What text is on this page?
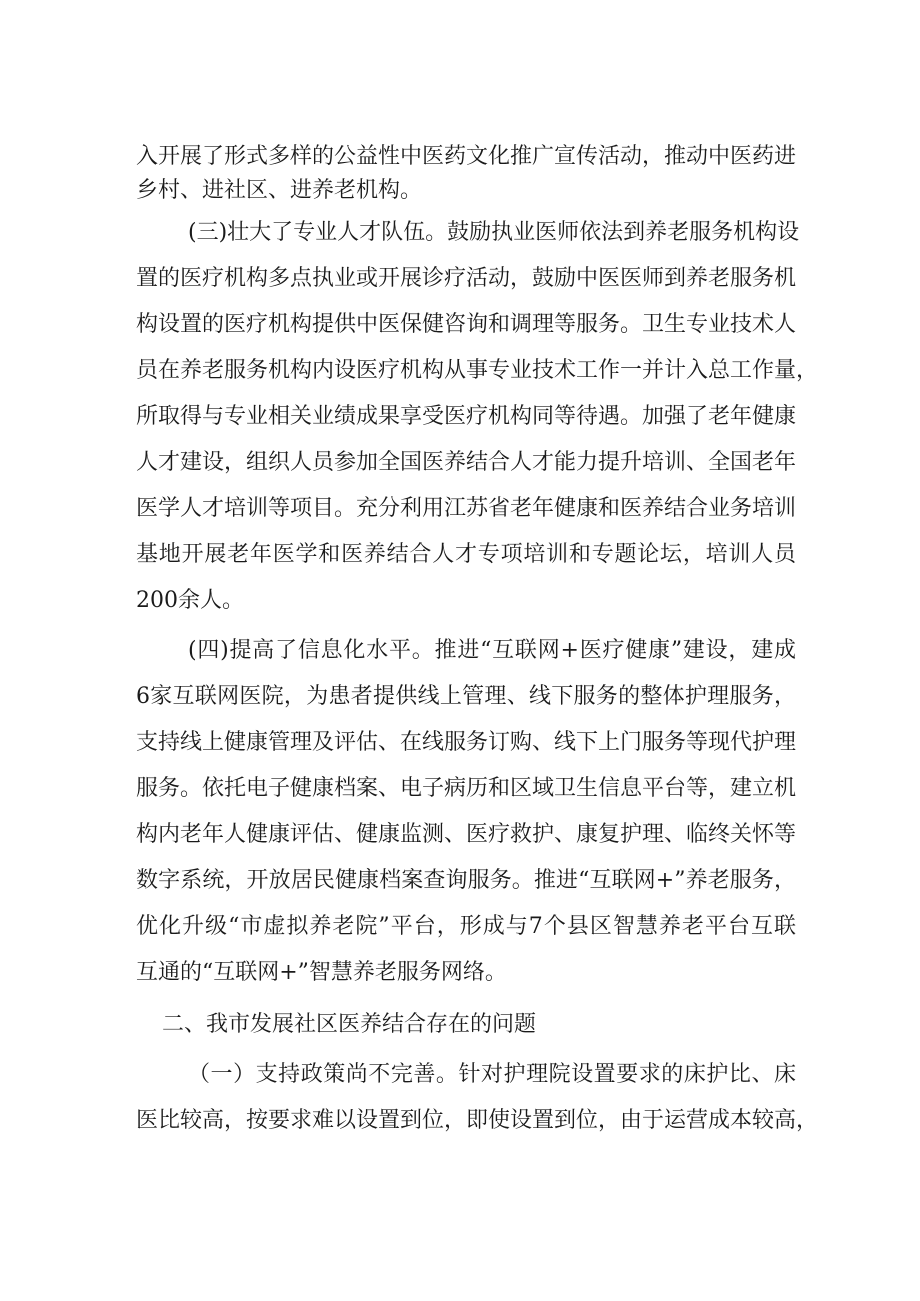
入开展了形式多样的公益性中医药文化推广宣传活动，推动中医药进
乡村、进社区、进养老机构。
(三)壮大了专业人才队伍。鼓励执业医师依法到养老服务机构设
置的医疗机构多点执业或开展诊疗活动，鼓励中医医师到养老服务机
构设置的医疗机构提供中医保健咨询和调理等服务。卫生专业技术人
员在养老服务机构内设医疗机构从事专业技术工作一并计入总工作量，
所取得与专业相关业绩成果享受医疗机构同等待遇。加强了老年健康
人才建设，组织人员参加全国医养结合人才能力提升培训、全国老年
医学人才培训等项目。充分利用江苏省老年健康和医养结合业务培训
基地开展老年医学和医养结合人才专项培训和专题论坛，培训人员
200余人。
(四)提高了信息化水平。推进“互联网+医疗健康”建设，建成
6家互联网医院，为患者提供线上管理、线下服务的整体护理服务，
支持线上健康管理及评估、在线服务订购、线下上门服务等现代护理
服务。依托电子健康档案、电子病历和区域卫生信息平台等，建立机
构内老年人健康评估、健康监测、医疗救护、康复护理、临终关怀等
数字系统，开放居民健康档案查询服务。推进“互联网+”养老服务，
优化升级“市虚拟养老院”平台，形成与7个县区智慧养老平台互联
互通的“互联网+”智慧养老服务网络。
二、我市发展社区医养结合存在的问题
（一）支持政策尚不完善。针对护理院设置要求的床护比、床
医比较高，按要求难以设置到位，即使设置到位，由于运营成本较高，
